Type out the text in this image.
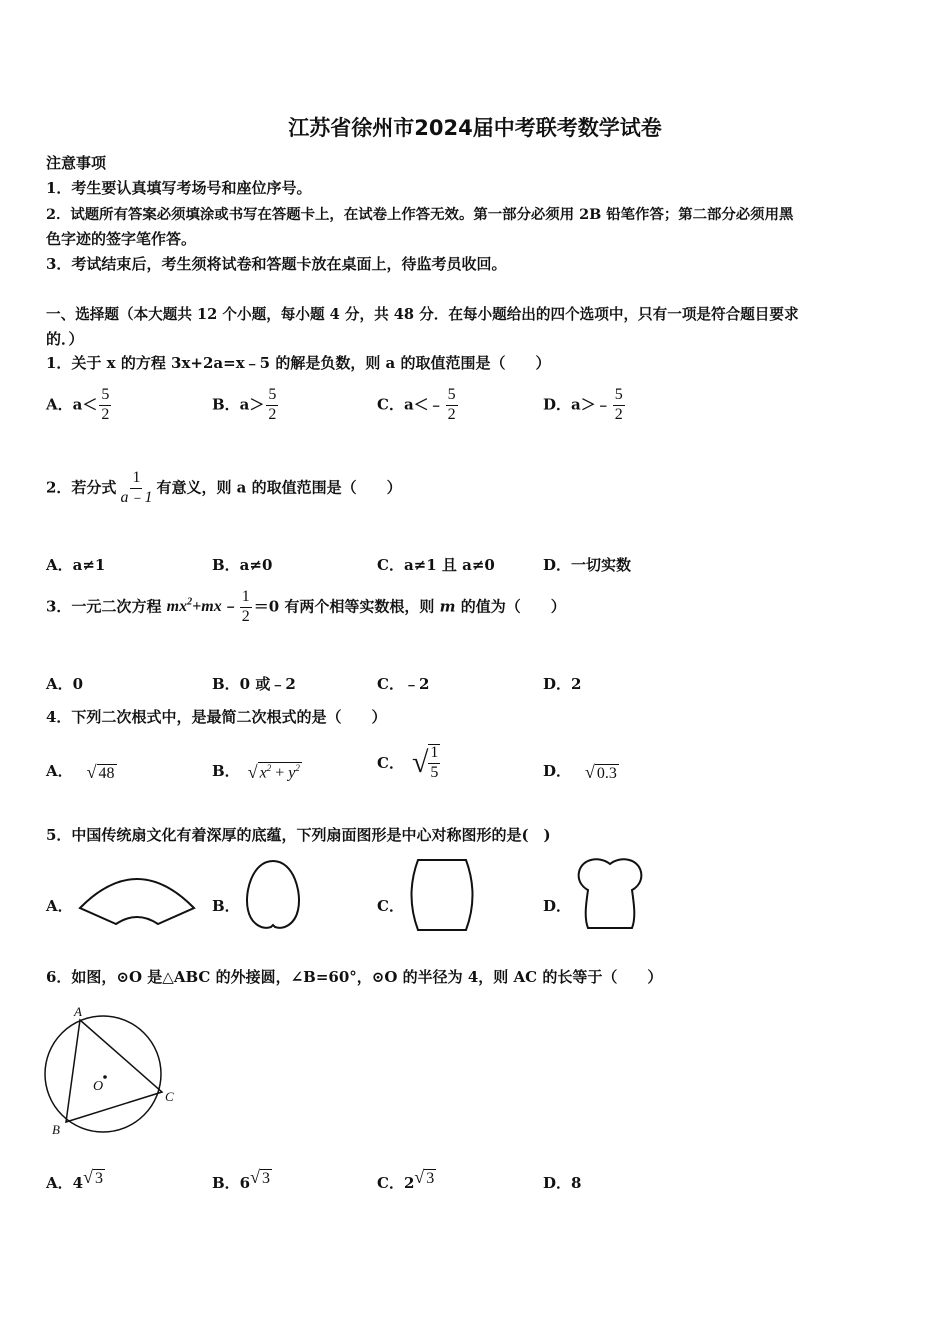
江苏省徐州市2024届中考联考数学试卷
注意事项
1．考生要认真填写考场号和座位序号。
2．试题所有答案必须填涂或书写在答题卡上，在试卷上作答无效。第一部分必须用 2B 铅笔作答；第二部分必须用黑
色字迹的签字笔作答。
3．考试结束后，考生须将试卷和答题卡放在桌面上，待监考员收回。
一、选择题（本大题共 12 个小题，每小题 4 分，共 48 分．在每小题给出的四个选项中，只有一项是符合题目要求
的．）
1．关于 x 的方程 3x+2a=x﹣5 的解是负数，则 a 的取值范围是（　　）
A．$a< \frac{5}{2}$	B．$a> \frac{5}{2}$	C．a＜﹣ $\frac{5}{2}$	D．a＞﹣ $\frac{5}{2}$
2．若分式 $\frac{1}{a﹣1}$ 有意义，则 a 的取值范围是（　　）
A．a≠1	B．a≠0	C．a≠1 且 a≠0	D．一切实数
3．一元二次方程 $mx^2+mx﹣ \frac{1}{2} =0$ 有两个相等实数根，则 m 的值为（　　）
A．0	B．0 或﹣2	C．﹣2	D．2
4．下列二次根式中，是最简二次根式的是（　　）
A． √ 48	B． √ $x^2 + y^2$	C． √ $\frac{1}{5}$	D． √ 0.3
5．中国传统扇文化有着深厚的底蕴，下列扇面图形是中心对称图形的是(　)
A．	B．	C．	D．
6．如图，⊙O 是△ABC 的外接圆，∠B=60°，⊙O 的半径为 4，则 AC 的长等于（　　）
A
B
C
O
A．4√ 3	B．6√ 3	C．2√ 3	D．8
